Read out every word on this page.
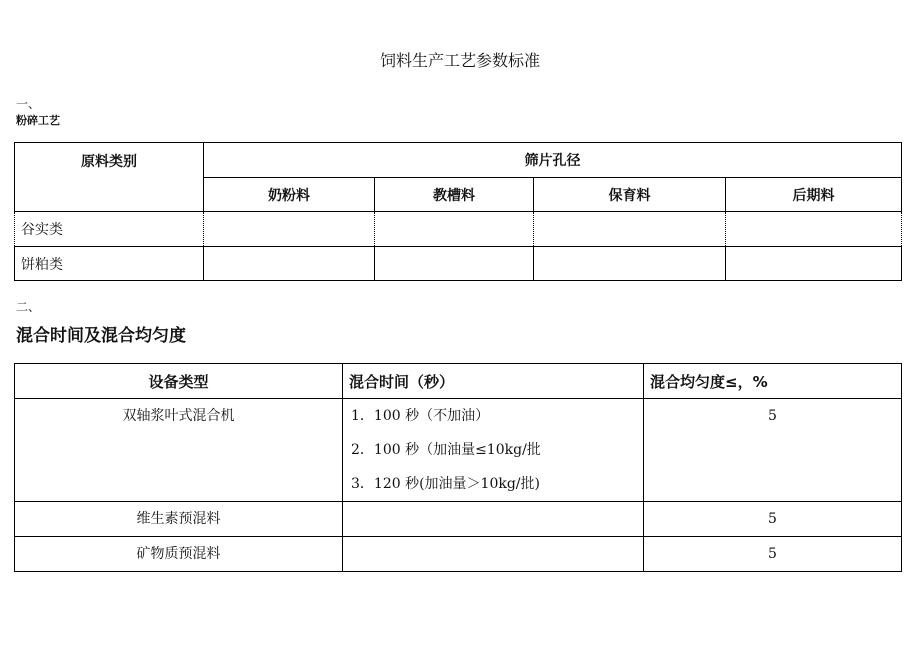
饲料生产工艺参数标准
一、
粉碎工艺
原料类别	筛片孔径			
	奶粉料	教槽料	保育料	后期料
谷实类				
饼粕类				
二、
混合时间及混合均匀度
设备类型	混合时间（秒）	混合均匀度≤，%

双轴浆叶式混合机	1．100 秒（不加油）
2．100 秒（加油量≤10kg/批
3．120 秒(加油量＞10kg/批)	5

维生素预混料		5

矿物质预混料		5
